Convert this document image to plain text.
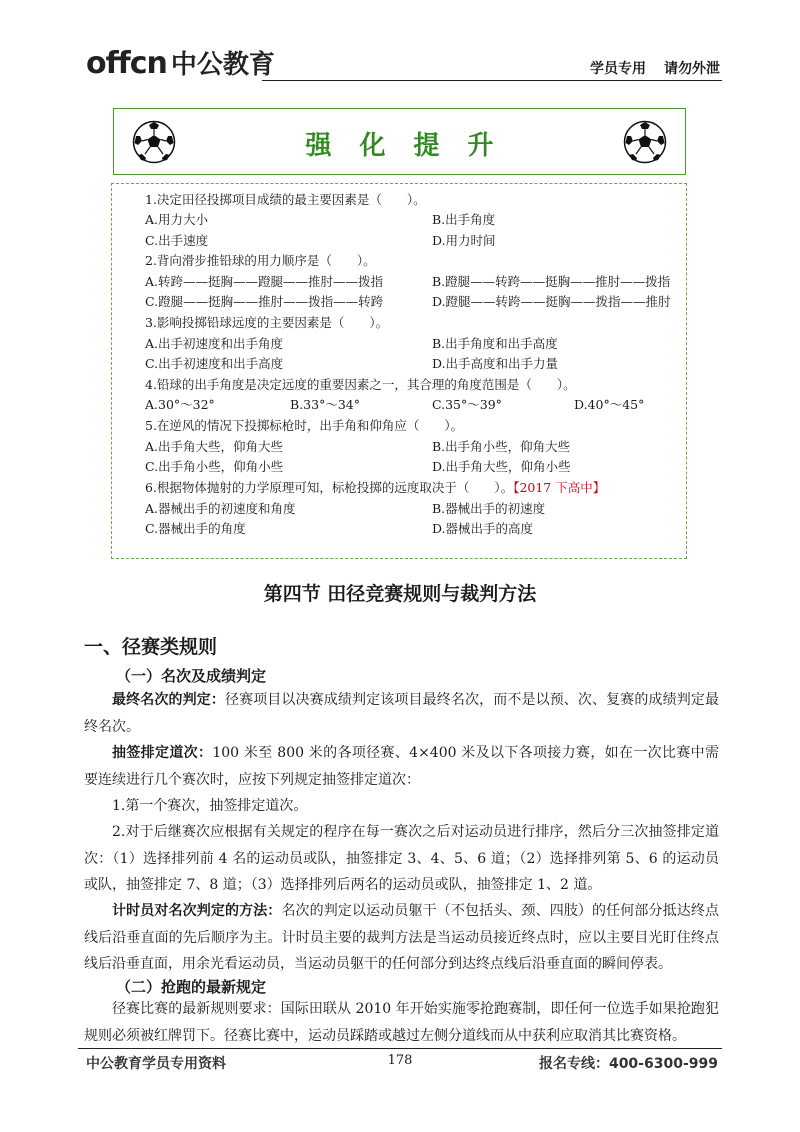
offcn 中公教育	学员专用 请勿外泄
强化提升
1.决定田径投掷项目成绩的最主要因素是（　　）。
A.用力大小	B.出手角度
C.出手速度	D.用力时间
2.背向滑步推铅球的用力顺序是（　　）。
A.转跨——挺胸——蹬腿——推肘——拨指	B.蹬腿——转跨——挺胸——推肘——拨指
C.蹬腿——挺胸——推肘——拨指——转跨	D.蹬腿——转跨——挺胸——拨指——推肘
3.影响投掷铅球远度的主要因素是（　　）。
A.出手初速度和出手角度	B.出手角度和出手高度
C.出手初速度和出手高度	D.出手高度和出手力量
4.铅球的出手角度是决定远度的重要因素之一，其合理的角度范围是（　　）。
A.30°～32°	B.33°～34°	C.35°～39°	D.40°～45°
5.在逆风的情况下投掷标枪时，出手角和仰角应（　　）。
A.出手角大些，仰角大些	B.出手角小些，仰角大些
C.出手角小些，仰角小些	D.出手角大些，仰角小些
6.根据物体抛射的力学原理可知，标枪投掷的远度取决于（　　）。【2017 下高中】
A.器械出手的初速度和角度	B.器械出手的初速度
C.器械出手的角度	D.器械出手的高度
第四节 田径竞赛规则与裁判方法
一、径赛类规则
（一）名次及成绩判定
最终名次的判定：径赛项目以决赛成绩判定该项目最终名次，而不是以预、次、复赛的成绩判定最终名次。
抽签排定道次：100 米至 800 米的各项径赛、4×400 米及以下各项接力赛，如在一次比赛中需要连续进行几个赛次时，应按下列规定抽签排定道次：
1.第一个赛次，抽签排定道次。
2.对于后继赛次应根据有关规定的程序在每一赛次之后对运动员进行排序，然后分三次抽签排定道次：（1）选择排列前 4 名的运动员或队，抽签排定 3、4、5、6 道；（2）选择排列第 5、6 的运动员或队，抽签排定 7、8 道；（3）选择排列后两名的运动员或队，抽签排定 1、2 道。
计时员对名次判定的方法：名次的判定以运动员躯干（不包括头、颈、四肢）的任何部分抵达终点线后沿垂直面的先后顺序为主。计时员主要的裁判方法是当运动员接近终点时，应以主要目光盯住终点线后沿垂直面，用余光看运动员，当运动员躯干的任何部分到达终点线后沿垂直面的瞬间停表。
（二）抢跑的最新规定
径赛比赛的最新规则要求：国际田联从 2010 年开始实施零抢跑赛制，即任何一位选手如果抢跑犯规则必须被红牌罚下。径赛比赛中，运动员踩踏或越过左侧分道线而从中获利应取消其比赛资格。
中公教育学员专用资料	178	报名专线：400-6300-999
